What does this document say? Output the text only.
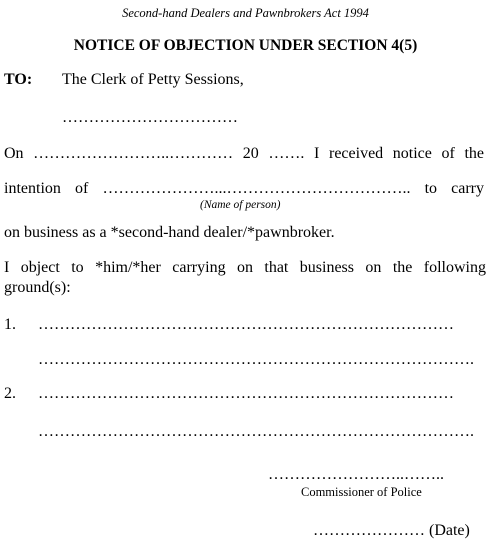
Second-hand Dealers and Pawnbrokers Act 1994
NOTICE OF OBJECTION UNDER SECTION 4(5)
TO: The Clerk of Petty Sessions,
……………………………
On ……………………..………… 20 ……. I received notice of the
intention of …………………...…………………………….. to carry
(Name of person)
on business as a *second-hand dealer/*pawnbroker.
I object to *him/*her carrying on that business on the following
ground(s):
1. ……………………………………………………………………
……………………………………………………………………….
2. ……………………………………………………………………
……………………………………………………………………….
……………………..……..
Commissioner of Police
………………… (Date)
